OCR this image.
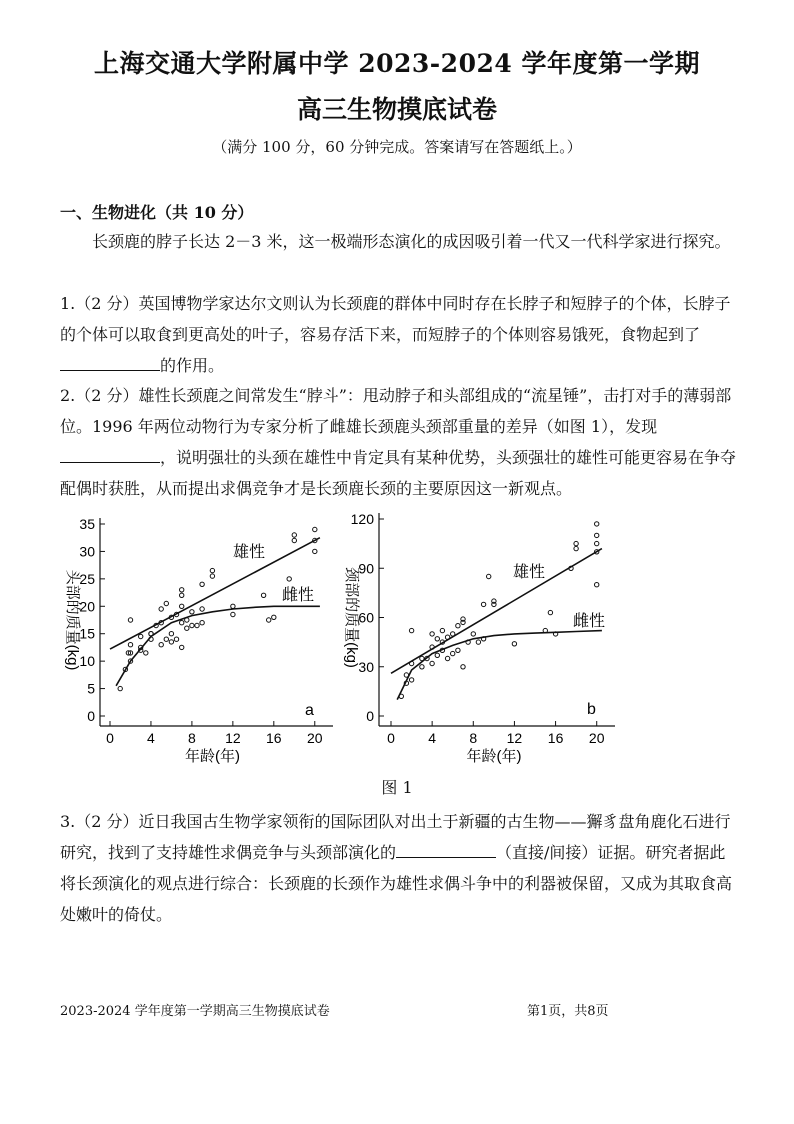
上海交通大学附属中学 2023-2024 学年度第一学期
高三生物摸底试卷
（满分 100 分，60 分钟完成。答案请写在答题纸上。）
一、生物进化（共 10 分）
长颈鹿的脖子长达 2－3 米，这一极端形态演化的成因吸引着一代又一代科学家进行探究。
1.（2 分）英国博物学家达尔文则认为长颈鹿的群体中同时存在长脖子和短脖子的个体，长脖子的个体可以取食到更高处的叶子，容易存活下来，而短脖子的个体则容易饿死，食物起到了的作用。
2.（2 分）雄性长颈鹿之间常发生“脖斗”：甩动脖子和头部组成的“流星锤”，击打对手的薄弱部位。1996 年两位动物行为专家分析了雌雄长颈鹿头颈部重量的差异（如图 1），发现，说明强壮的头颈在雄性中肯定具有某种优势，头颈强壮的雄性可能更容易在争夺配偶时获胜，从而提出求偶竞争才是长颈鹿长颈的主要原因这一新观点。
0
5
10
15
20
25
30
35
0 4 8 12 16 20
年龄(年)
头部的质量(kg)
雄性
雌性
a	0
30
60
90
120
0 4 8 12 16 20
年龄(年)
颈部的质量(kg)	雄性
雌性
b
图 1
3.（2 分）近日我国古生物学家领衔的国际团队对出土于新疆的古生物——獬豸盘角鹿化石进行研究，找到了支持雄性求偶竞争与头颈部演化的	（直接/间接）证据。研究者据此将长颈演化的观点进行综合：长颈鹿的长颈作为雄性求偶斗争中的利器被保留，又成为其取食高处嫩叶的倚仗。
2023-2024 学年度第一学期高三生物摸底试卷	第1页，共8页
